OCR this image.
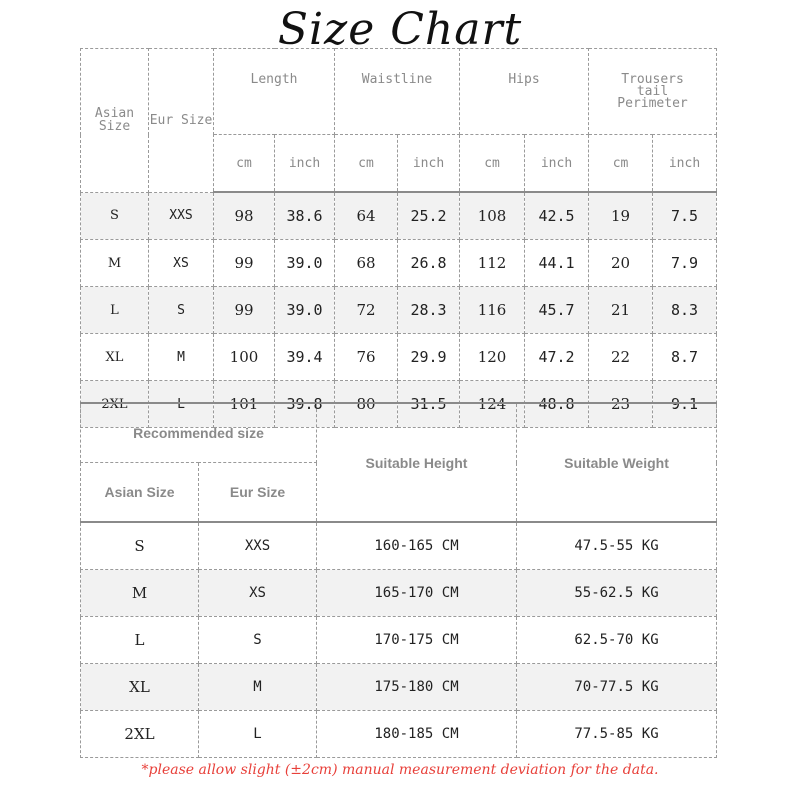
Size Chart
Asian Size	Eur Size	Length		Waistline		Hips		Trousers tail Perimeter	
		cm	inch	cm	inch	cm	inch	cm	inch
S	XXS	98	38.6	64	25.2	108	42.5	19	7.5
M	XS	99	39.0	68	26.8	112	44.1	20	7.9
L	S	99	39.0	72	28.3	116	45.7	21	8.3
XL	M	100	39.4	76	29.9	120	47.2	22	8.7
2XL	L	101	39.8	80	31.5	124	48.8	23	9.1
Recommended size		Suitable Height	Suitable Weight
Asian Size	Eur Size		
S	XXS	160-165 CM	47.5-55 KG
M	XS	165-170 CM	55-62.5 KG
L	S	170-175 CM	62.5-70 KG
XL	M	175-180 CM	70-77.5 KG
2XL	L	180-185 CM	77.5-85 KG
*please allow slight (±2cm) manual measurement deviation for the data.
